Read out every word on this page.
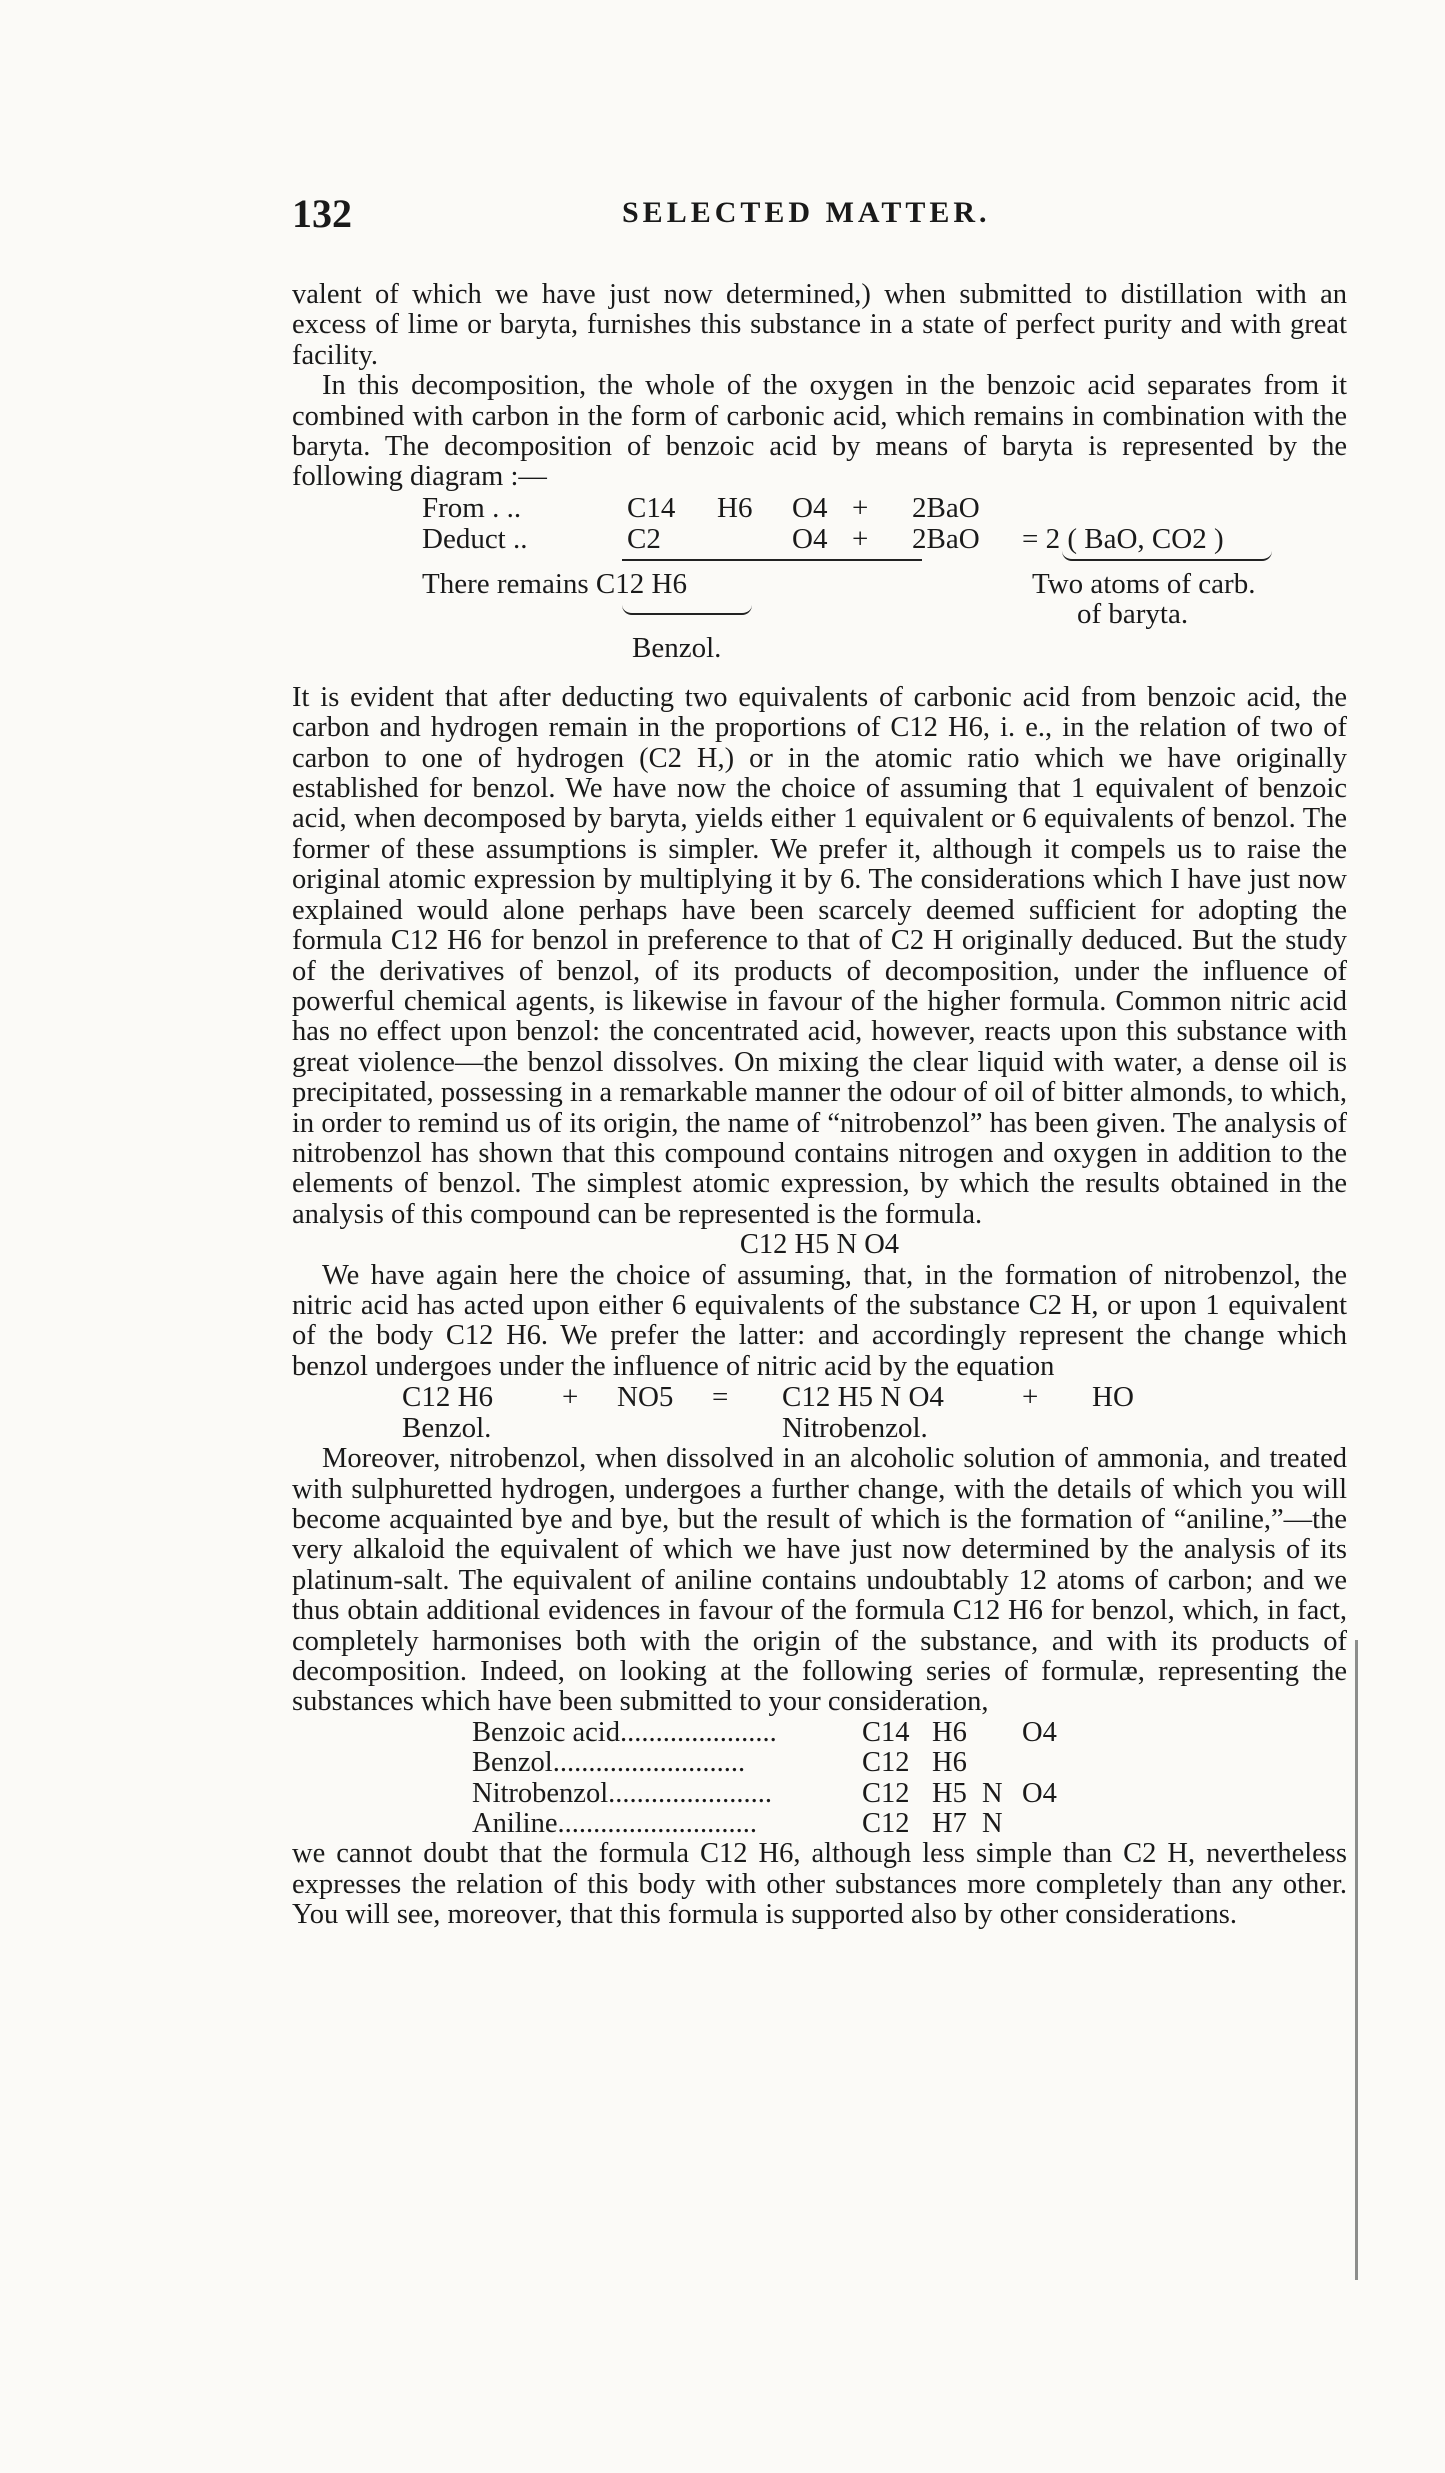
132	SELECTED MATTER.

valent of which we have just now determined,) when submitted to distillation with an excess of lime or baryta, furnishes this substance in a state of perfect purity and with great facility.

In this decomposition, the whole of the oxygen in the benzoic acid separates from it combined with carbon in the form of carbonic acid, which remains in combination with the baryta. The decomposition of benzoic acid by means of baryta is represented by the following diagram :—

From . ..	C14 H6 O4 + 2BaO
Deduct ..	C2	O4 + 2BaO = 2 ( BaO, CO2 )
There remains C12 H6	Two atoms of carb.
of baryta.
Benzol.

It is evident that after deducting two equivalents of carbonic acid from benzoic acid, the carbon and hydrogen remain in the proportions of C12 H6, i. e., in the relation of two of carbon to one of hydrogen (C2 H,) or in the atomic ratio which we have originally established for benzol. We have now the choice of assuming that 1 equivalent of benzoic acid, when decomposed by baryta, yields either 1 equivalent or 6 equivalents of benzol. The former of these assumptions is simpler. We prefer it, although it compels us to raise the original atomic expression by multiplying it by 6. The considerations which I have just now explained would alone perhaps have been scarcely deemed sufficient for adopting the formula C12 H6 for benzol in preference to that of C2 H originally deduced. But the study of the derivatives of benzol, of its products of decomposition, under the influence of powerful chemical agents, is likewise in favour of the higher formula. Common nitric acid has no effect upon benzol: the concentrated acid, however, reacts upon this substance with great violence—the benzol dissolves. On mixing the clear liquid with water, a dense oil is precipitated, possessing in a remarkable manner the odour of oil of bitter almonds, to which, in order to remind us of its origin, the name of “nitrobenzol” has been given. The analysis of nitrobenzol has shown that this compound contains nitrogen and oxygen in addition to the elements of benzol. The simplest atomic expression, by which the results obtained in the analysis of this compound can be represented is the formula.

C12 H5 N O4

We have again here the choice of assuming, that, in the formation of nitrobenzol, the nitric acid has acted upon either 6 equivalents of the substance C2 H, or upon 1 equivalent of the body C12 H6. We prefer the latter: and accordingly represent the change which benzol undergoes under the influence of nitric acid by the equation

C12 H6 + NO5 = C12 H5 N O4	+ HO
Benzol.	Nitrobenzol.

Moreover, nitrobenzol, when dissolved in an alcoholic solution of ammonia, and treated with sulphuretted hydrogen, undergoes a further change, with the details of which you will become acquainted bye and bye, but the result of which is the formation of “aniline,”—the very alkaloid the equivalent of which we have just now determined by the analysis of its platinum-salt. The equivalent of aniline contains undoubtably 12 atoms of carbon; and we thus obtain additional evidences in favour of the formula C12 H6 for benzol, which, in fact, completely harmonises both with the origin of the substance, and with its products of decomposition. Indeed, on looking at the following series of formulæ, representing the substances which have been submitted to your consideration,

Benzoic acid......................	C14 H6 O4
Benzol...........................	C12 H6
Nitrobenzol.......................	C12 H5 N O4
Aniline............................	C12 H7 N

we cannot doubt that the formula C12 H6, although less simple than C2 H, nevertheless expresses the relation of this body with other substances more completely than any other. You will see, moreover, that this formula is supported also by other considerations.
